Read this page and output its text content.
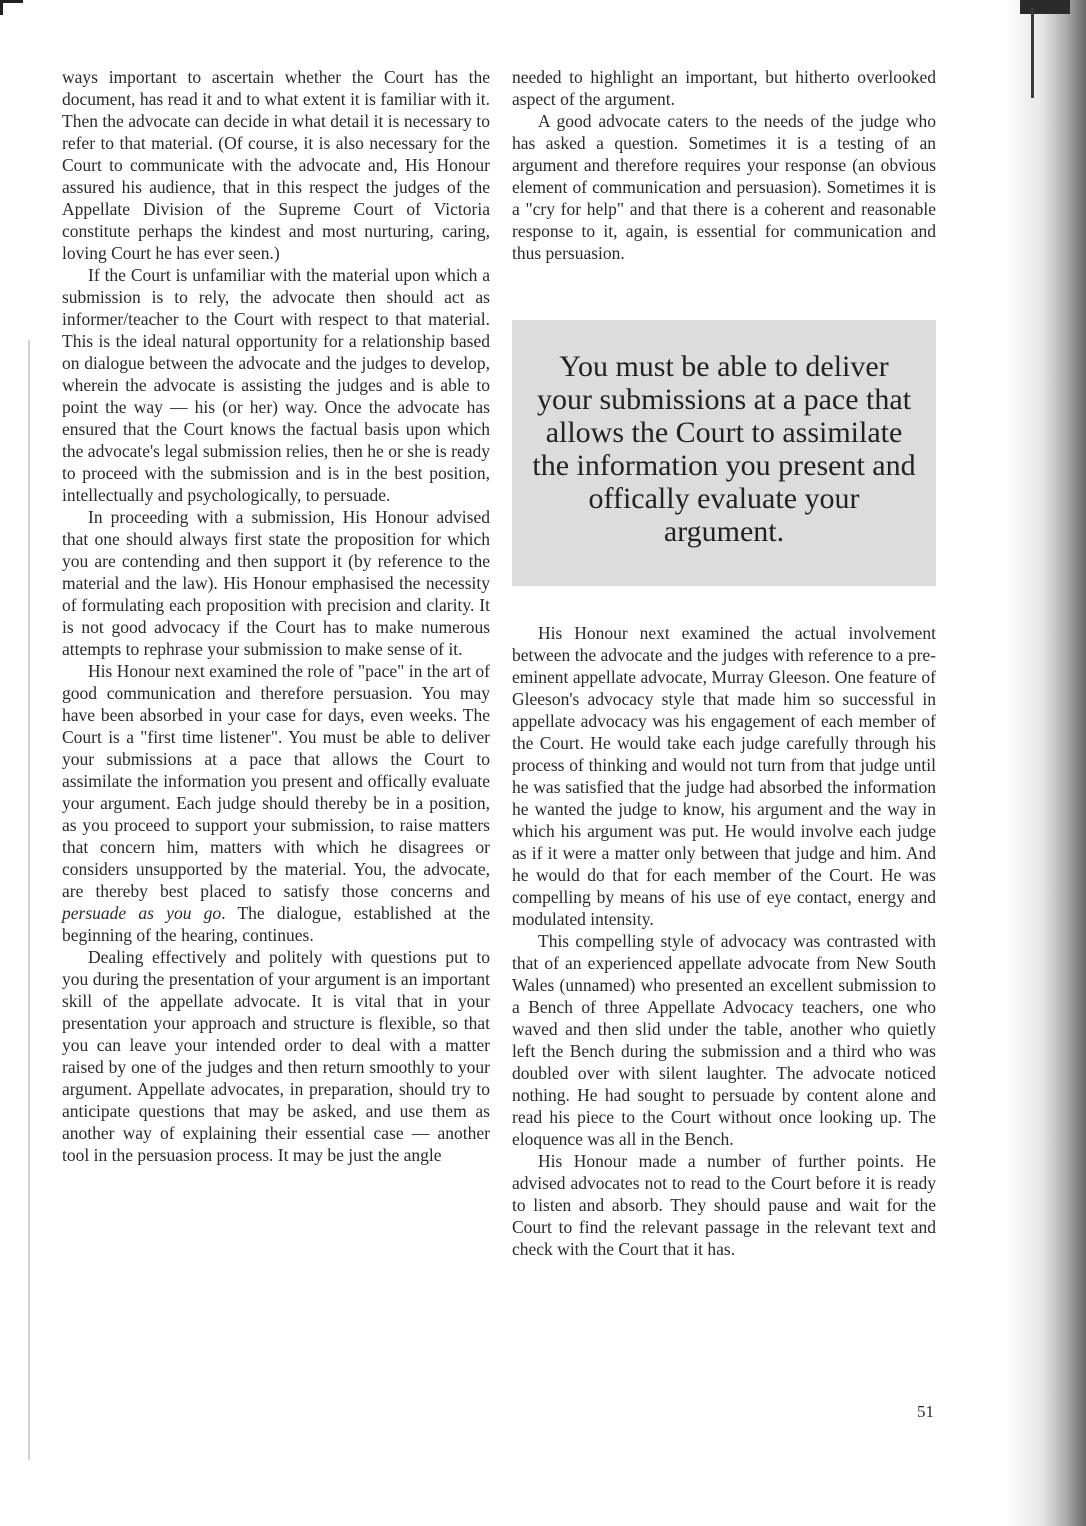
ways important to ascertain whether the Court has the document, has read it and to what extent it is familiar with it. Then the advocate can decide in what detail it is necessary to refer to that material. (Of course, it is also necessary for the Court to communicate with the advocate and, His Honour assured his audience, that in this respect the judges of the Appellate Division of the Supreme Court of Victoria constitute perhaps the kindest and most nurturing, caring, loving Court he has ever seen.)

If the Court is unfamiliar with the material upon which a submission is to rely, the advocate then should act as informer/teacher to the Court with respect to that material. This is the ideal natural opportunity for a relationship based on dialogue between the advocate and the judges to develop, wherein the advocate is assisting the judges and is able to point the way — his (or her) way. Once the advocate has ensured that the Court knows the factual basis upon which the advocate's legal submission relies, then he or she is ready to proceed with the submission and is in the best position, intellectually and psychologically, to persuade.

In proceeding with a submission, His Honour advised that one should always first state the proposition for which you are contending and then support it (by reference to the material and the law). His Honour emphasised the necessity of formulating each proposition with precision and clarity. It is not good advocacy if the Court has to make numerous attempts to rephrase your submission to make sense of it.

His Honour next examined the role of "pace" in the art of good communication and therefore persuasion. You may have been absorbed in your case for days, even weeks. The Court is a "first time listener". You must be able to deliver your submissions at a pace that allows the Court to assimilate the information you present and offically evaluate your argument. Each judge should thereby be in a position, as you proceed to support your submission, to raise matters that concern him, matters with which he disagrees or considers unsupported by the material. You, the advocate, are thereby best placed to satisfy those concerns and persuade as you go. The dialogue, established at the beginning of the hearing, continues.

Dealing effectively and politely with questions put to you during the presentation of your argument is an important skill of the appellate advocate. It is vital that in your presentation your approach and structure is flexible, so that you can leave your intended order to deal with a matter raised by one of the judges and then return smoothly to your argument. Appellate advocates, in preparation, should try to anticipate questions that may be asked, and use them as another way of explaining their essential case — another tool in the persuasion process. It may be just the angle

needed to highlight an important, but hitherto overlooked aspect of the argument.

A good advocate caters to the needs of the judge who has asked a question. Sometimes it is a testing of an argument and therefore requires your response (an obvious element of communication and persuasion). Sometimes it is a "cry for help" and that there is a coherent and reasonable response to it, again, is essential for communication and thus persuasion.

You must be able to deliver your submissions at a pace that allows the Court to assimilate the information you present and offically evaluate your argument.

His Honour next examined the actual involvement between the advocate and the judges with reference to a pre-eminent appellate advocate, Murray Gleeson. One feature of Gleeson's advocacy style that made him so successful in appellate advocacy was his engagement of each member of the Court. He would take each judge carefully through his process of thinking and would not turn from that judge until he was satisfied that the judge had absorbed the information he wanted the judge to know, his argument and the way in which his argument was put. He would involve each judge as if it were a matter only between that judge and him. And he would do that for each member of the Court. He was compelling by means of his use of eye contact, energy and modulated intensity.

This compelling style of advocacy was contrasted with that of an experienced appellate advocate from New South Wales (unnamed) who presented an excellent submission to a Bench of three Appellate Advocacy teachers, one who waved and then slid under the table, another who quietly left the Bench during the submission and a third who was doubled over with silent laughter. The advocate noticed nothing. He had sought to persuade by content alone and read his piece to the Court without once looking up. The eloquence was all in the Bench.

His Honour made a number of further points. He advised advocates not to read to the Court before it is ready to listen and absorb. They should pause and wait for the Court to find the relevant passage in the relevant text and check with the Court that it has.

51
